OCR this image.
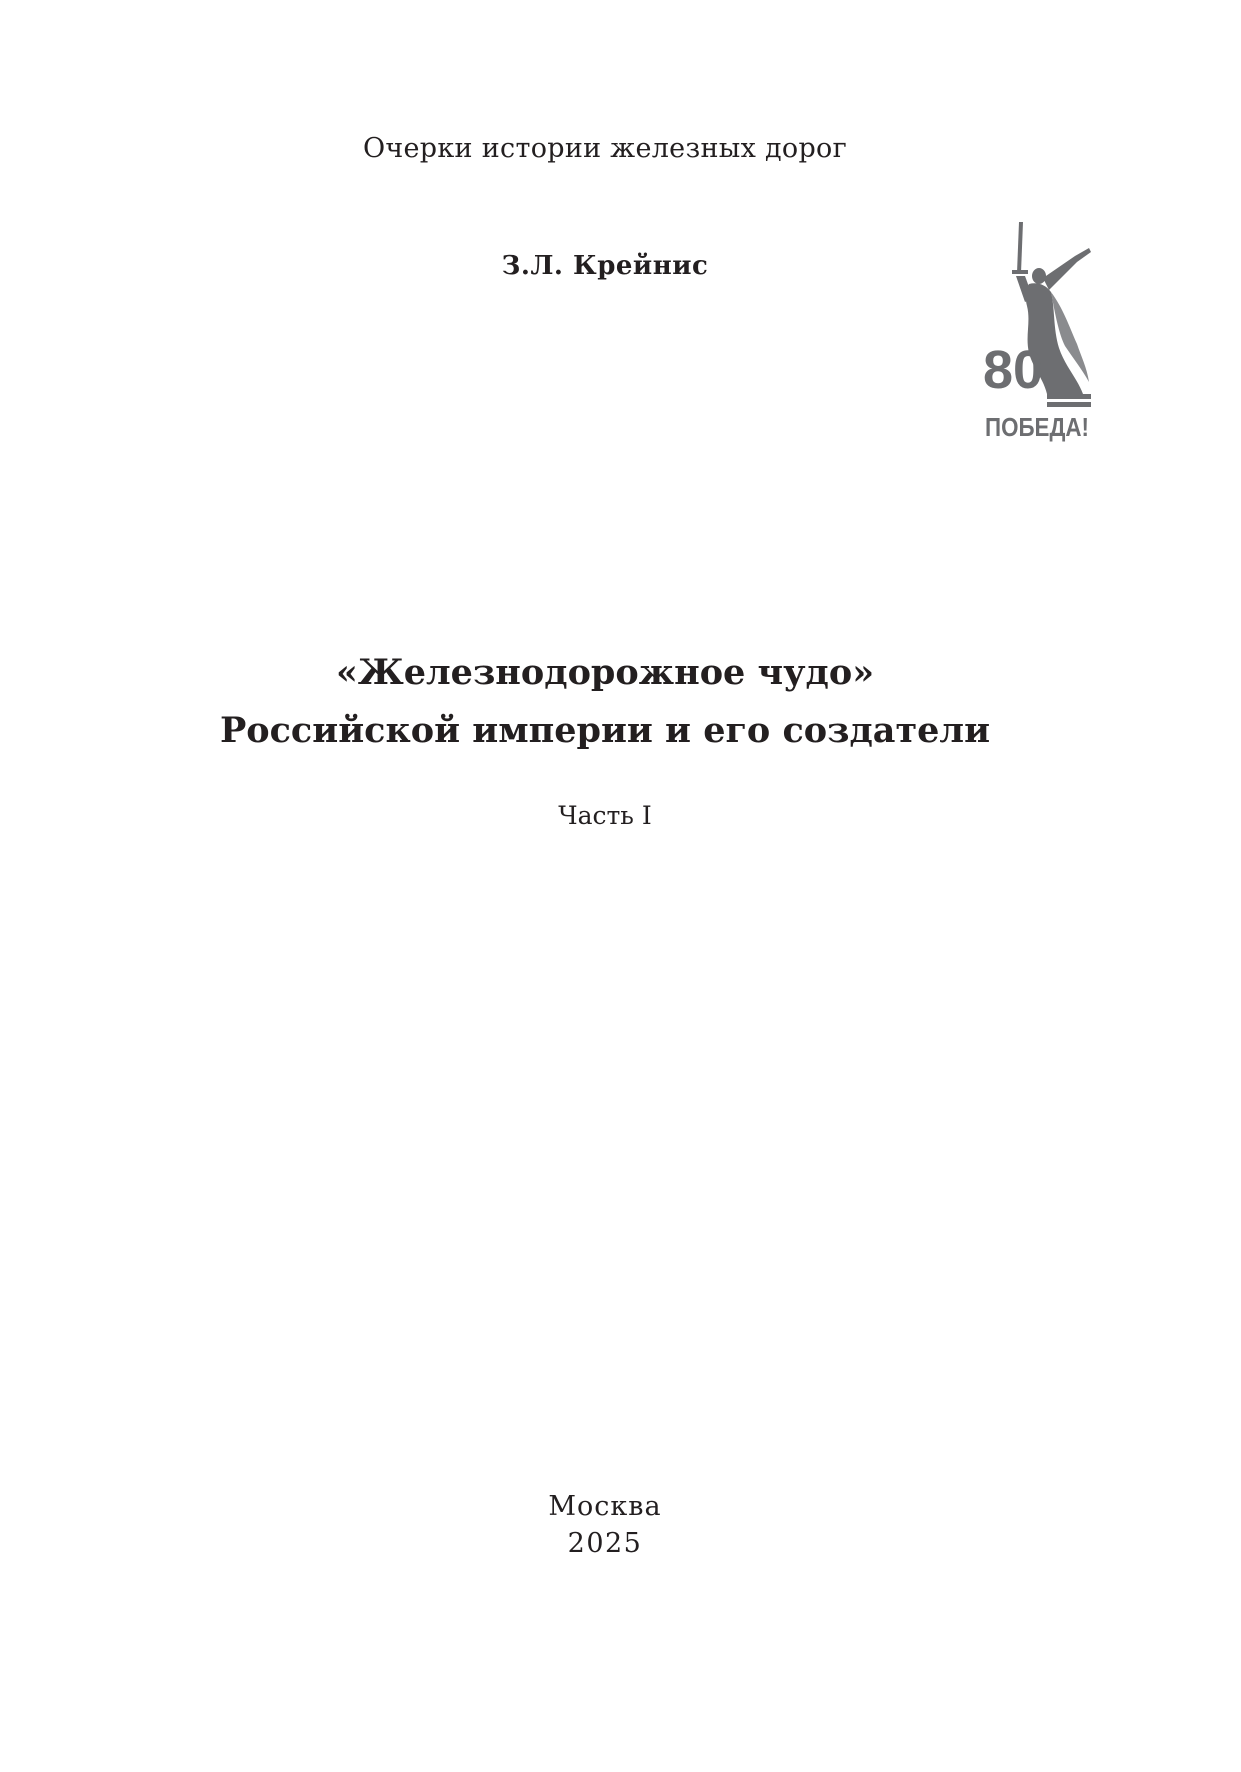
Очерки истории железных дорог
З.Л. Крейнис
80
ПОБЕДА!
«Железнодорожное чудо»
Российской империи и его создатели
Часть I
Москва
2025
